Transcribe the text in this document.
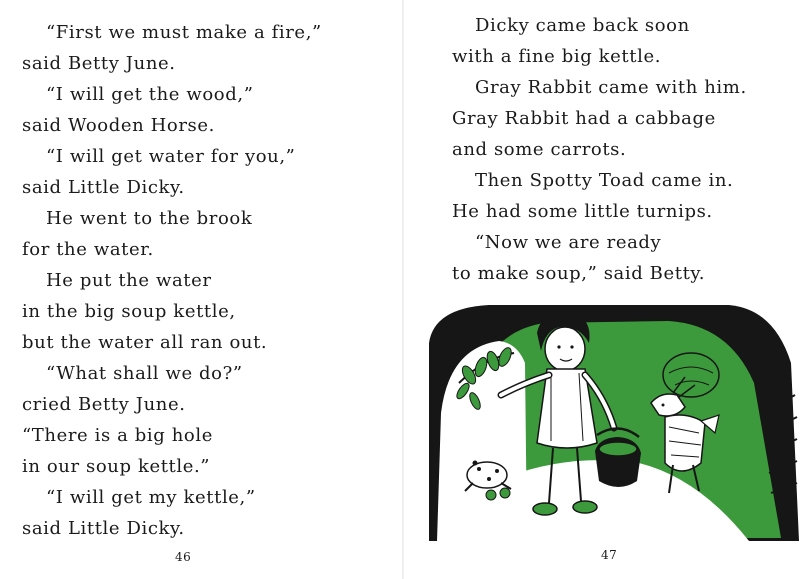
“First we must make a fire,”
said Betty June.
“I will get the wood,”
said Wooden Horse.
“I will get water for you,”
said Little Dicky.
He went to the brook
for the water.
He put the water
in the big soup kettle,
but the water all ran out.
“What shall we do?”
cried Betty June.
“There is a big hole
in our soup kettle.”
“I will get my kettle,”
said Little Dicky.
46
Dicky came back soon
with a fine big kettle.
Gray Rabbit came with him.
Gray Rabbit had a cabbage
and some carrots.
Then Spotty Toad came in.
He had some little turnips.
“Now we are ready
to make soup,” said Betty.
47
